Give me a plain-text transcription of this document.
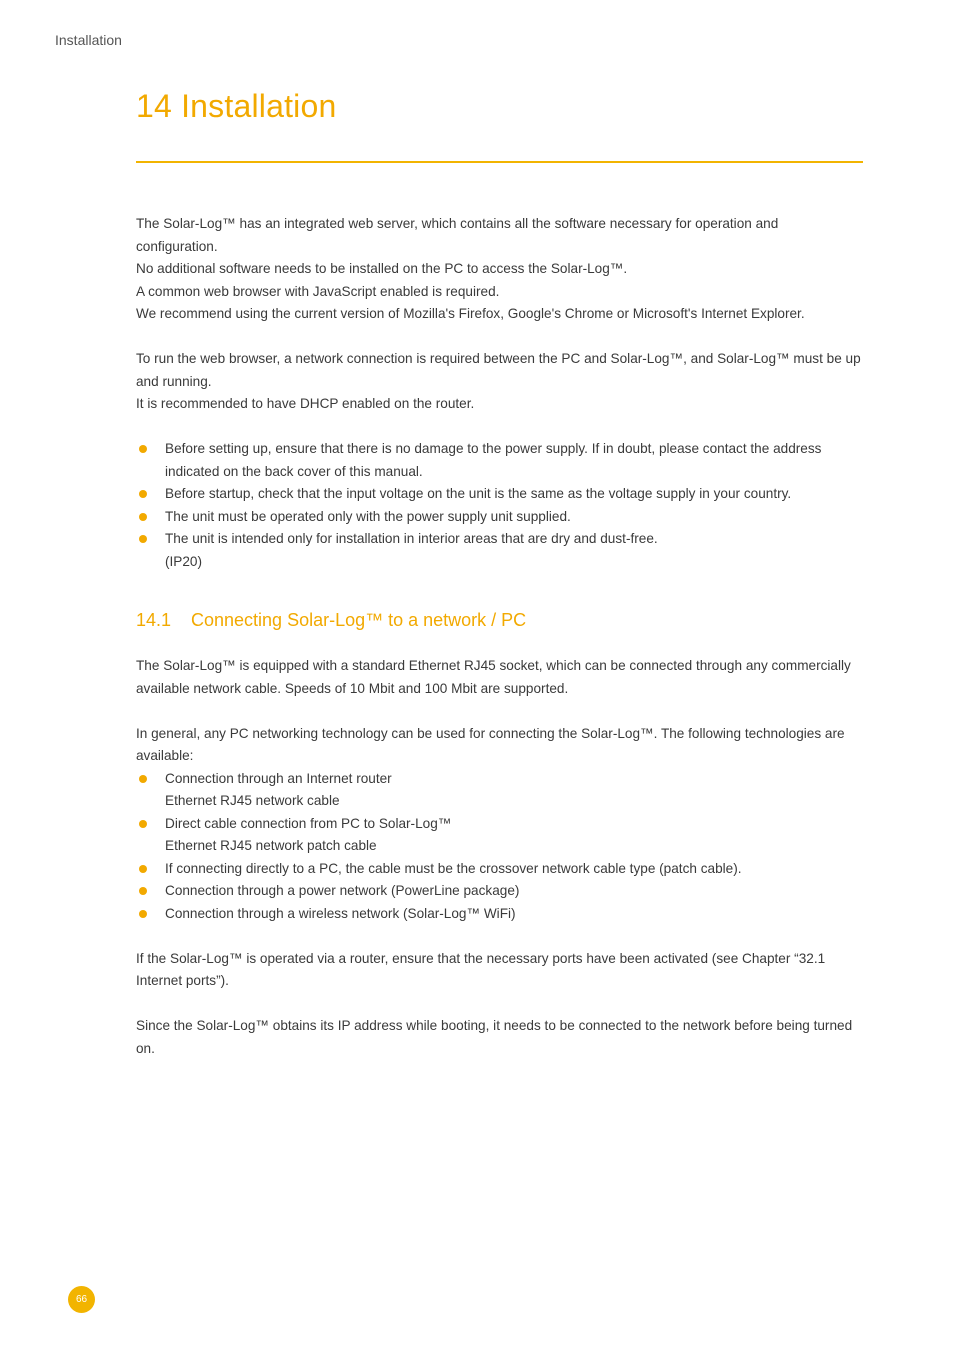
Installation
14 Installation

The Solar-Log™ has an integrated web server, which contains all the software necessary for operation and configuration.

No additional software needs to be installed on the PC to access the Solar-Log™.

A common web browser with JavaScript enabled is required.

We recommend using the current version of Mozilla's Firefox, Google's Chrome or Microsoft's Internet Explorer.

To run the web browser, a network connection is required between the PC and Solar-Log™, and Solar-Log™ must be up and running.

It is recommended to have DHCP enabled on the router.

Before setting up, ensure that there is no damage to the power supply. If in doubt, please contact the address indicated on the back cover of this manual.
Before startup, check that the input voltage on the unit is the same as the voltage supply in your country.
The unit must be operated only with the power supply unit supplied.
The unit is intended only for installation in interior areas that are dry and dust-free.
(IP20)
14.1 Connecting Solar-Log™ to a network / PC

The Solar-Log™ is equipped with a standard Ethernet RJ45 socket, which can be connected through any commercially available network cable. Speeds of 10 Mbit and 100 Mbit are supported.

In general, any PC networking technology can be used for connecting the Solar-Log™. The following technologies are available:

Connection through an Internet router
Ethernet RJ45 network cable
Direct cable connection from PC to Solar-Log™
Ethernet RJ45 network patch cable
If connecting directly to a PC, the cable must be the crossover network cable type (patch cable).
Connection through a power network (PowerLine package)
Connection through a wireless network (Solar-Log™ WiFi)

If the Solar-Log™ is operated via a router, ensure that the necessary ports have been activated (see Chapter “32.1 Internet ports”).

Since the Solar-Log™ obtains its IP address while booting, it needs to be connected to the network before being turned on.

66
